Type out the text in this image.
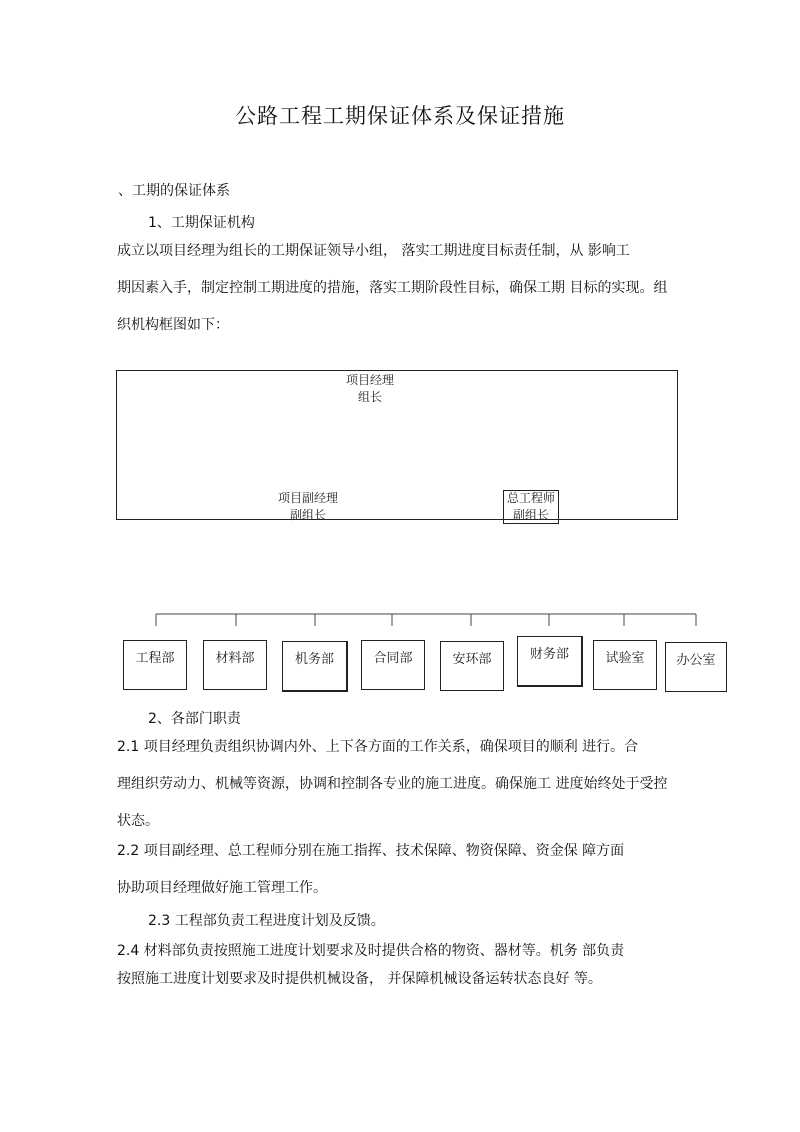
公路工程工期保证体系及保证措施
、工期的保证体系
1、工期保证机构
成立以项目经理为组长的工期保证领导小组， 落实工期进度目标责任制，从 影响工
期因素入手，制定控制工期进度的措施，落实工期阶段性目标，确保工期 目标的实现。组
织机构框图如下：
项目经理
组长
项目副经理
副组长
总工程师
副组长
工程部	材料部	机务部	合同部	安环部	财务部	试验室	办公室
2、各部门职责
2.1 项目经理负责组织协调内外、上下各方面的工作关系，确保项目的顺利 进行。合
理组织劳动力、机械等资源，协调和控制各专业的施工进度。确保施工 进度始终处于受控
状态。
2.2 项目副经理、总工程师分别在施工指挥、技术保障、物资保障、资金保 障方面
协助项目经理做好施工管理工作。
2.3 工程部负责工程进度计划及反馈。
2.4 材料部负责按照施工进度计划要求及时提供合格的物资、器材等。机务 部负责
按照施工进度计划要求及时提供机械设备， 并保障机械设备运转状态良好 等。
